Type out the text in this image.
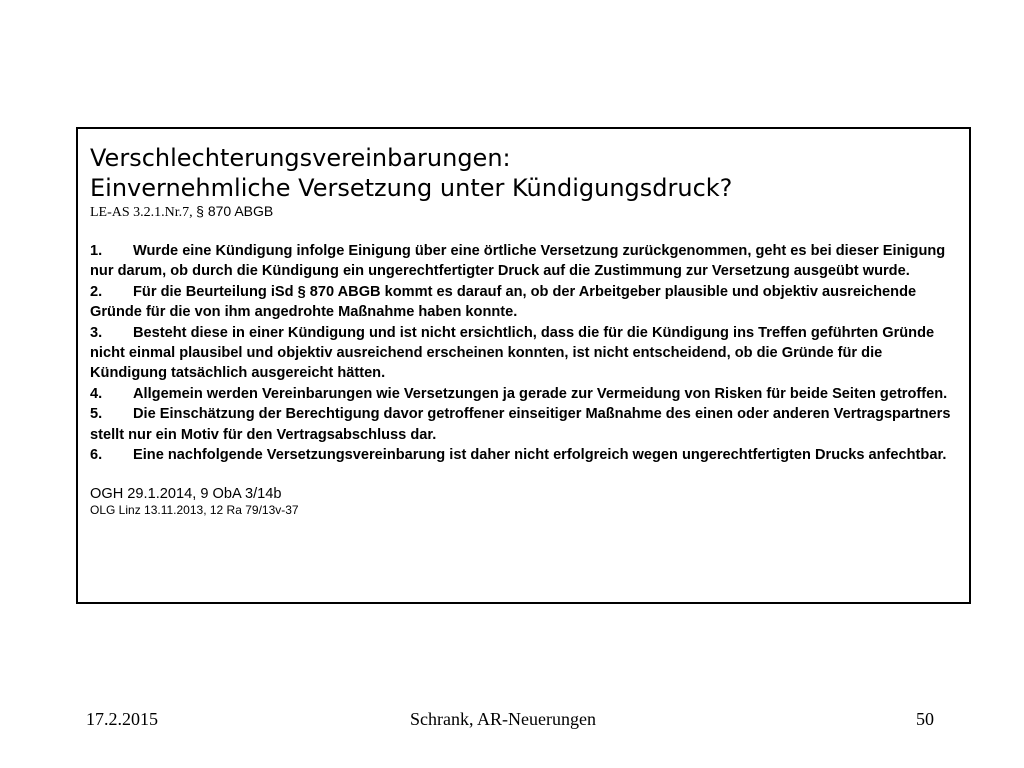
Verschlechterungsvereinbarungen:
Einvernehmliche Versetzung unter Kündigungsdruck?
LE-AS 3.2.1.Nr.7, § 870 ABGB
1. Wurde eine Kündigung infolge Einigung über eine örtliche Versetzung zurückgenommen, geht es bei dieser Einigung nur darum, ob durch die Kündigung ein ungerechtfertigter Druck auf die Zustimmung zur Versetzung ausgeübt wurde.
2. Für die Beurteilung iSd § 870 ABGB kommt es darauf an, ob der Arbeitgeber plausible und objektiv ausreichende Gründe für die von ihm angedrohte Maßnahme haben konnte.
3. Besteht diese in einer Kündigung und ist nicht ersichtlich, dass die für die Kündigung ins Treffen geführten Gründe nicht einmal plausibel und objektiv ausreichend erscheinen konnten, ist nicht entscheidend, ob die Gründe für die Kündigung tatsächlich ausgereicht hätten.
4. Allgemein werden Vereinbarungen wie Versetzungen ja gerade zur Vermeidung von Risken für beide Seiten getroffen.
5. Die Einschätzung der Berechtigung davor getroffener einseitiger Maßnahme des einen oder anderen Vertragspartners stellt nur ein Motiv für den Vertragsabschluss dar.
6. Eine nachfolgende Versetzungsvereinbarung ist daher nicht erfolgreich wegen ungerechtfertigten Drucks anfechtbar.
OGH 29.1.2014, 9 ObA 3/14b
OLG Linz 13.11.2013, 12 Ra 79/13v-37
17.2.2015	Schrank, AR-Neuerungen	50
